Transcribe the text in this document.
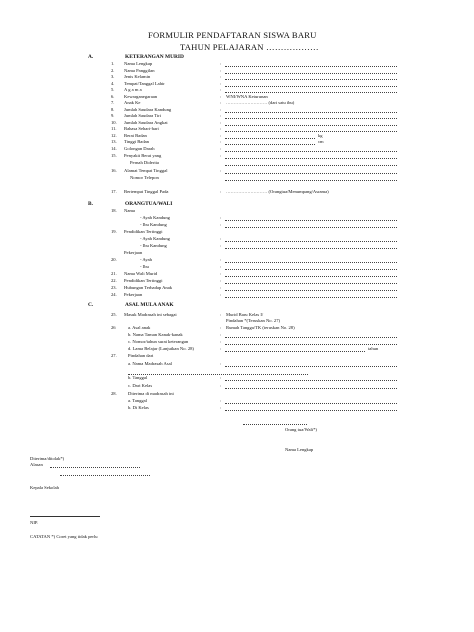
FORMULIR PENDAFTARAN SISWA BARU
TAHUN PELAJARAN ………………
A.	KETERANGAN MURID
1. Nama Lengkap	:
2. Nama Panggilan	:
3. Jenis Kelamin	:
4. Tempat/Tanggal Lahir	:
5. A g a m a	:
6. Kewarganegaraan	: WNI/WNA Keturunan
7. Anak Ke	: ……………………… (dari satu ibu)
8. Jumlah Saudara Kandung	:
9. Jumlah Saudara Tiri	:
10. Jumlah Saudara Angkat	:
11. Bahasa Sehari-hari	:
12. Berat Badan	:	kg
13. Tinggi Badan	:	cm
14. Golongan Darah	:
15. Penyakit Berat yang
Pernah Diderita
:
16. Alamat Tempat Tinggal
Nomor Telepon
:
17. Bertempat Tinggal Pada	: ……………………… (Orangtua/Menumpang/Asrama)
B.	ORANGTUA/WALI
18. Nama
- Ayah Kandung	:
- Ibu Kandung	:
19. Pendidikan Tertinggi
- Ayah Kandung	:
- Ibu Kandung	:
Pekerjaan
20.	- Ayah	:
- Ibu	:
21. Nama Wali Murid	:
22. Pendidikan Tertinggi	:
23. Hubungan Terhadap Anak	:
24. Pekerjaan	:
C.	ASAL MULA ANAK
25. Masuk Madrasah ini sebagai	: Murid Baru Kelas I/
Pindahan *(Teruskan No. 27)
26	a. Asal anak	: Rumah Tangga/TK (teruskan No. 28)
b. Nama Taman Kanak-kanak	:
c. Nomor/tahun surat keterangan	:
d. Lama Belajar (Lanjutkan No. 28)	:	tahun
27. Pindahan dari
a. Nama Madrasah Asal	:
b. Tanggal	:
c. Dari Kelas	:
28. Diterima di madrasah ini
a. Tanggal	:
b. Di Kelas	:
Orang tua/Wali*)
Nama Lengkap
Diterima/ditolak*)
Alasan
Kepala Sekolah
NIP.
CATATAN *) Coret yang tidak perlu
